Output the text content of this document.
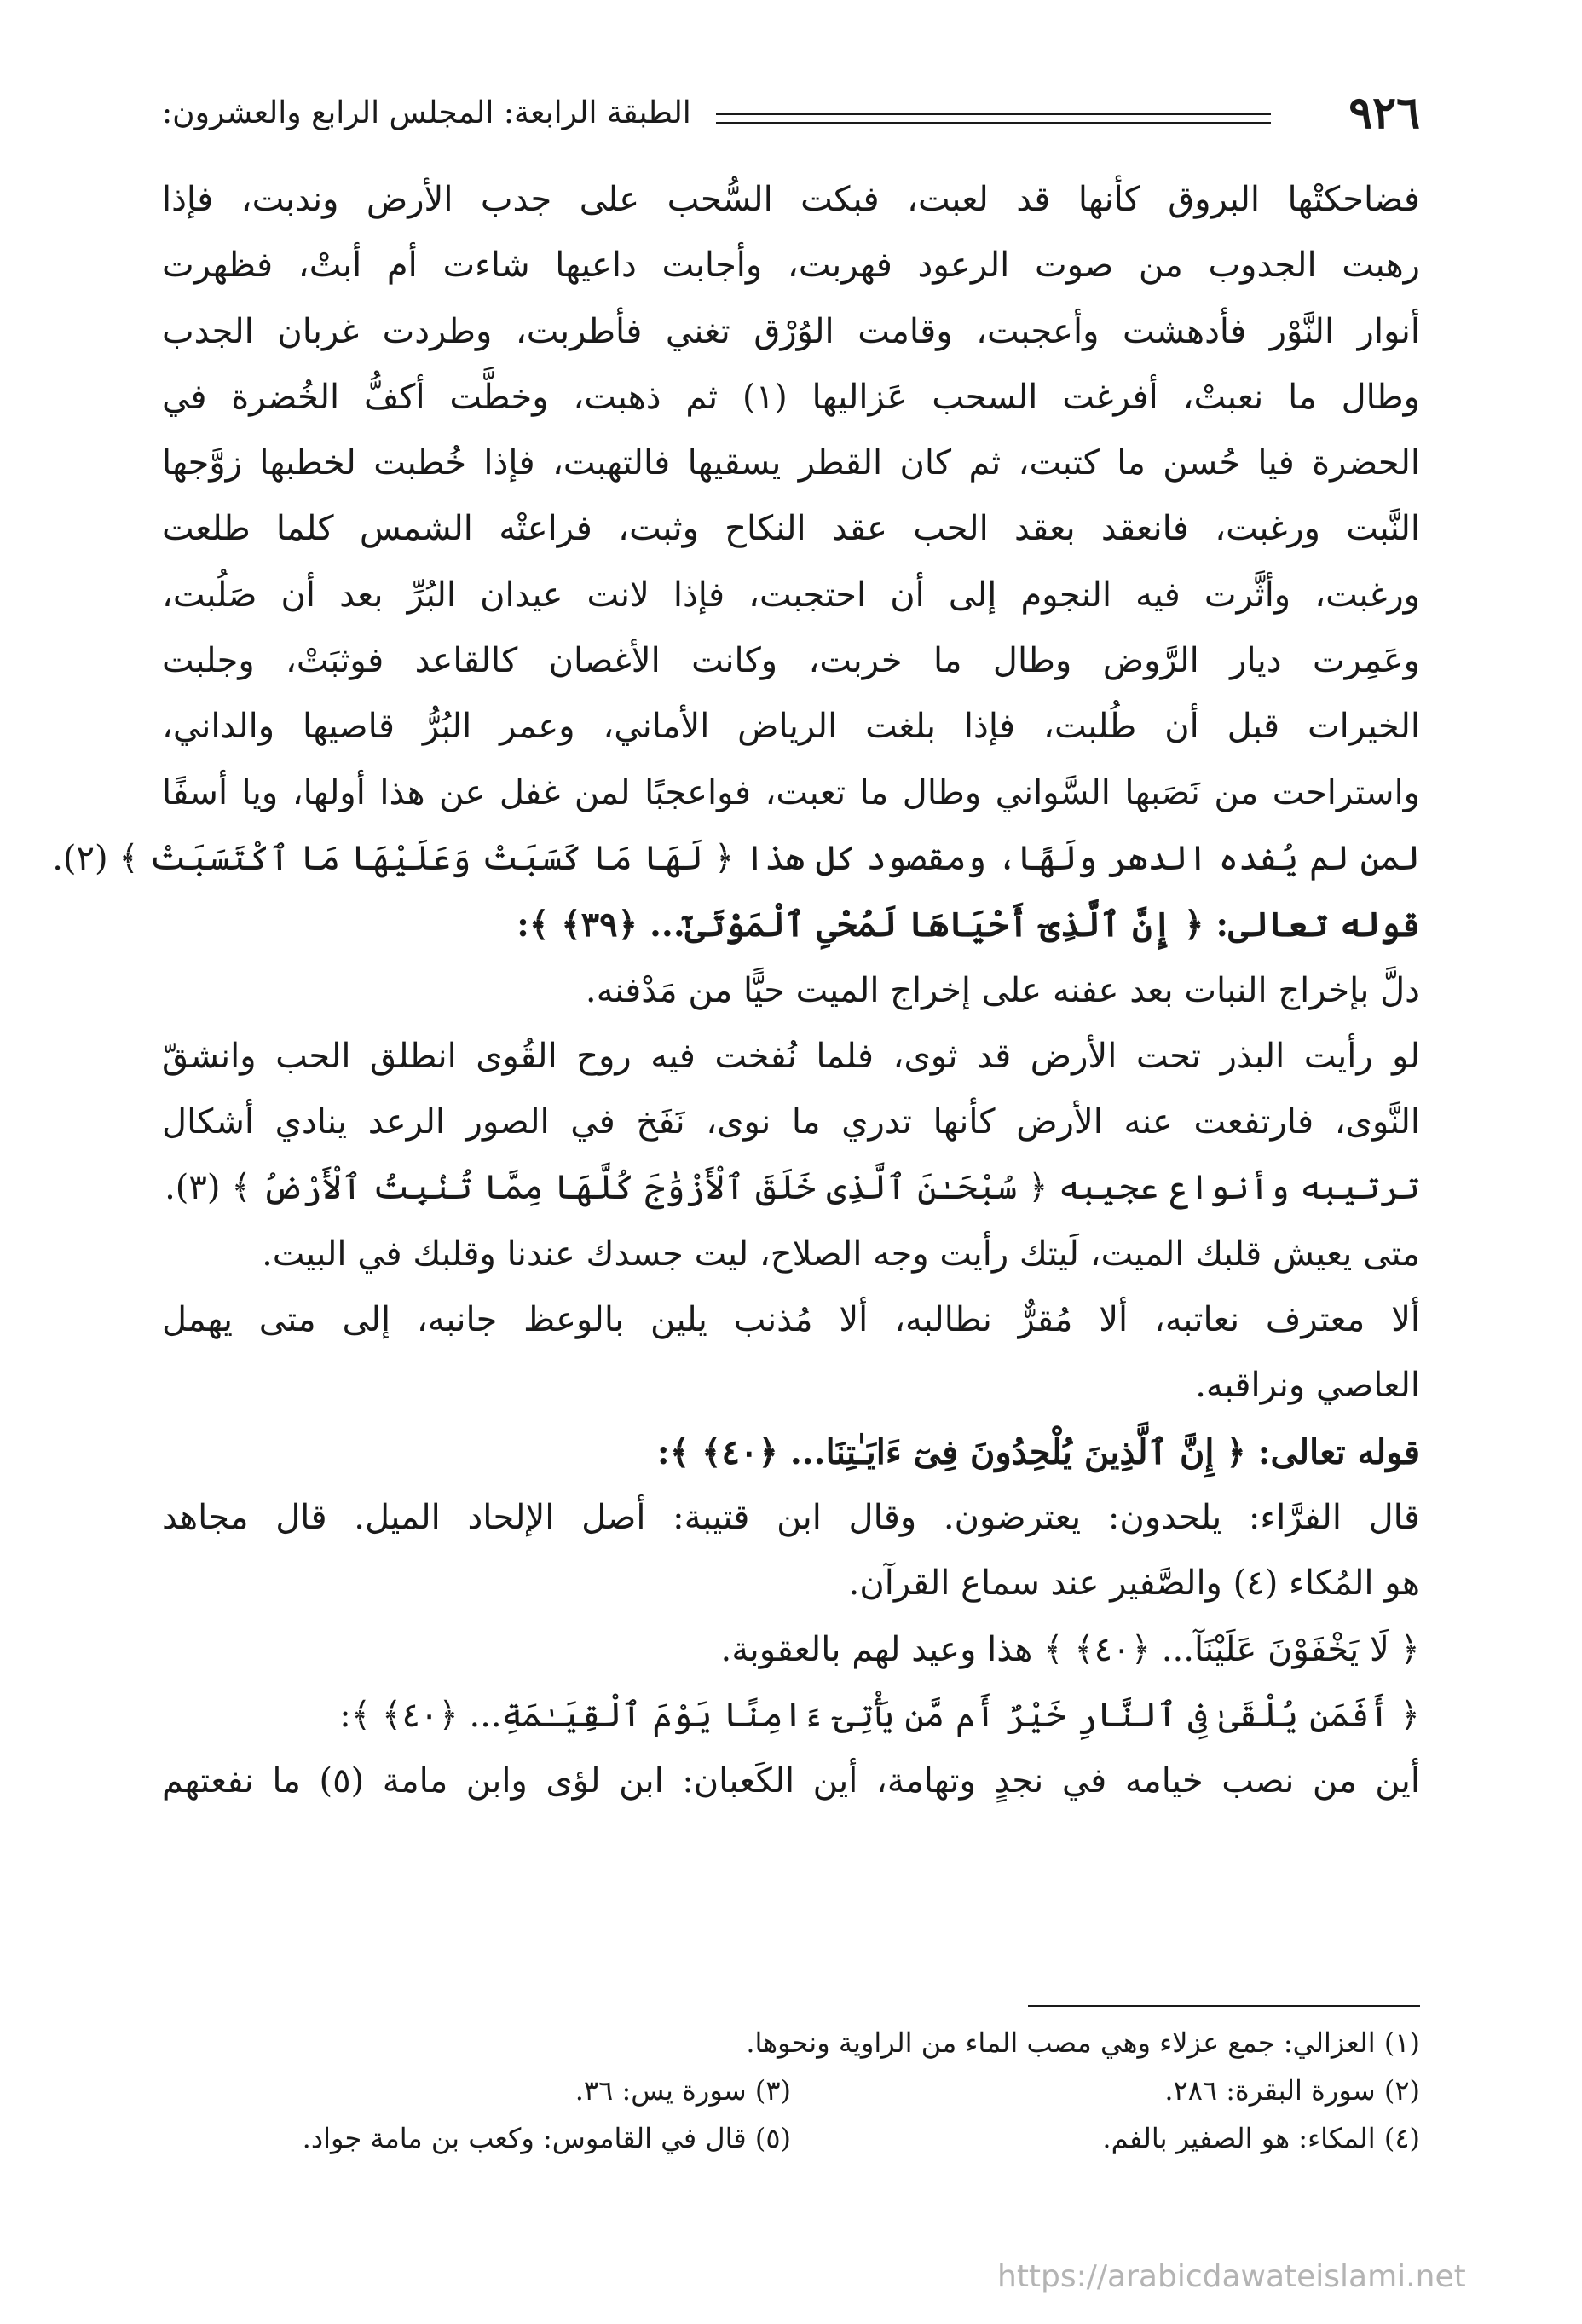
٩٢٦
الطبقة الرابعة: المجلس الرابع والعشرون:
فضاحكتْها البروق كأنها قد لعبت، فبكت السُّحب على جدب الأرض وندبت، فإذا
رهبت الجدوب من صوت الرعود فهربت، وأجابت داعيها شاءت أم أبتْ، فظهرت
أنوار النَّوْر فأدهشت وأعجبت، وقامت الوُرْق تغني فأطربت، وطردت غربان الجدب
وطال ما نعبتْ، أفرغت السحب عَزاليها (١) ثم ذهبت، وخطَّت أكفُّ الخُضرة في
الحضرة فيا حُسن ما كتبت، ثم كان القطر يسقيها فالتهبت، فإذا خُطبت لخطبها زوَّجها
النَّبت ورغبت، فانعقد بعقد الحب عقد النكاح وثبت، فراعتْه الشمس كلما طلعت
ورغبت، وأثَّرت فيه النجوم إلى أن احتجبت، فإذا لانت عيدان البُرِّ بعد أن صَلُبت،
وعَمِرت ديار الرَّوض وطال ما خربت، وكانت الأغصان كالقاعد فوثبَتْ، وجلبت
الخيرات قبل أن طُلبت، فإذا بلغت الرياض الأماني، وعمر البُرُّ قاصيها والداني،
واستراحت من نَصَبها السَّواني وطال ما تعبت، فواعجبًا لمن غفل عن هذا أولها، ويا أسفًا
لمن لم يُفده الدهر ولَهًا، ومقصود كل هذا ﴿ لَهَا مَا كَسَبَتْ وَعَلَيْهَا مَا ٱكْتَسَبَتْ ﴾ (٢).
قوله تعالى: ﴿ إِنَّ ٱلَّذِىٓ أَحْيَاهَا لَمُحْىِ ٱلْمَوْتَىٰٓ... ﴿٣٩﴾ ﴾:
دلَّ بإخراج النبات بعد عفنه على إخراج الميت حيًّا من مَدْفنه.
لو رأيت البذر تحت الأرض قد ثوى، فلما نُفخت فيه روح القُوى انطلق الحب وانشقّ
النَّوى، فارتفعت عنه الأرض كأنها تدري ما نوى، نَفَخ في الصور الرعد ينادي أشكال
ترتيبه وأنواع عجيبه ﴿ سُبْحَـٰنَ ٱلَّذِى خَلَقَ ٱلْأَزْوَٰجَ كُلَّهَا مِمَّا تُنۢبِتُ ٱلْأَرْضُ ﴾ (٣).
متى يعيش قلبك الميت، لَيتك رأيت وجه الصلاح، ليت جسدك عندنا وقلبك في البيت.
ألا معترف نعاتبه، ألا مُقرٌّ نطالبه، ألا مُذنب يلين بالوعظ جانبه، إلى متى يهمل
العاصي ونراقبه.
قوله تعالى: ﴿ إِنَّ ٱلَّذِينَ يُلْحِدُونَ فِىٓ ءَايَـٰتِنَا... ﴿٤٠﴾ ﴾:
قال الفرَّاء: يلحدون: يعترضون. وقال ابن قتيبة: أصل الإلحاد الميل. قال مجاهد
هو المُكاء (٤) والصَّفير عند سماع القرآن.
﴿ لَا يَخْفَوْنَ عَلَيْنَآ... ﴿٤٠﴾ ﴾ هذا وعيد لهم بالعقوبة.
﴿ أَفَمَن يُلْقَىٰ فِى ٱلنَّارِ خَيْرٌ أَم مَّن يَأْتِىٓ ءَامِنًا يَوْمَ ٱلْقِيَـٰمَةِ... ﴿٤٠﴾ ﴾:
أين من نصب خيامه في نجدٍ وتهامة، أين الكَعبان: ابن لؤى وابن مامة (٥) ما نفعتهم
(١) العزالي: جمع عزلاء وهي مصب الماء من الراوية ونحوها.
(٢) سورة البقرة: ٢٨٦.(٣) سورة يس: ٣٦.
(٤) المكاء: هو الصفير بالفم.(٥) قال في القاموس: وكعب بن مامة جواد.
https://arabicdawateislami.net
